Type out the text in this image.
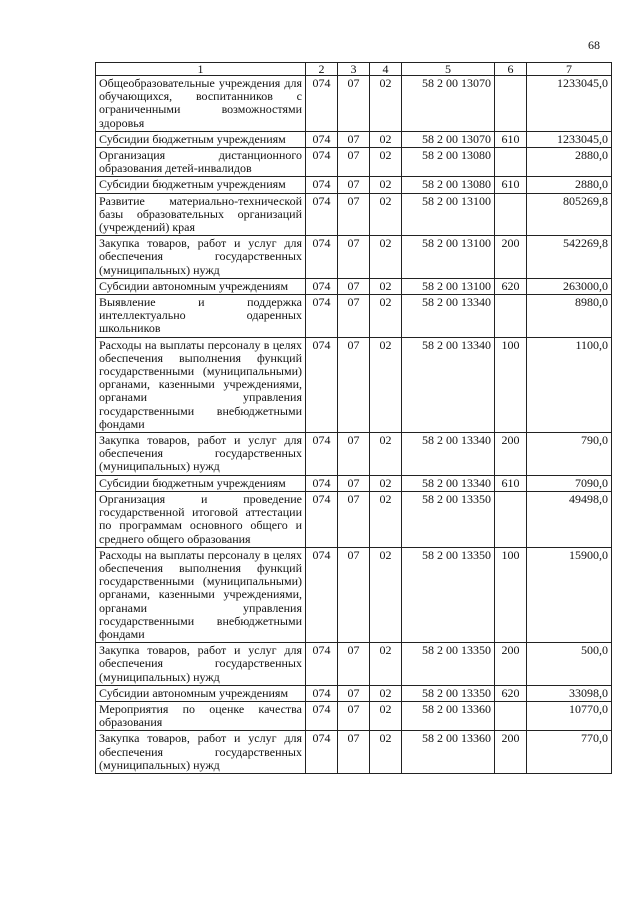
68
1	2	3	4	5	6	7
Общеобразовательные учреждения для обучающихся, воспитанников с ограниченными возможностями здоровья	074	07	02	58 2 00 13070		1233045,0
Субсидии бюджетным учреждениям	074	07	02	58 2 00 13070	610	1233045,0
Организация дистанционного образования детей-инвалидов	074	07	02	58 2 00 13080		2880,0
Субсидии бюджетным учреждениям	074	07	02	58 2 00 13080	610	2880,0
Развитие материально-технической базы образовательных организаций (учреждений) края	074	07	02	58 2 00 13100		805269,8
Закупка товаров, работ и услуг для обеспечения государственных (муниципальных) нужд	074	07	02	58 2 00 13100	200	542269,8
Субсидии автономным учреждениям	074	07	02	58 2 00 13100	620	263000,0
Выявление и поддержка интеллектуально одаренных школьников	074	07	02	58 2 00 13340		8980,0
Расходы на выплаты персоналу в целях обеспечения выполнения функций государственными (муниципальными) органами, казенными учреждениями, органами управления государственными внебюджетными фондами	074	07	02	58 2 00 13340	100	1100,0
Закупка товаров, работ и услуг для обеспечения государственных (муниципальных) нужд	074	07	02	58 2 00 13340	200	790,0
Субсидии бюджетным учреждениям	074	07	02	58 2 00 13340	610	7090,0
Организация и проведение государственной итоговой аттестации по программам основного общего и среднего общего образования	074	07	02	58 2 00 13350		49498,0
Расходы на выплаты персоналу в целях обеспечения выполнения функций государственными (муниципальными) органами, казенными учреждениями, органами управления государственными внебюджетными фондами	074	07	02	58 2 00 13350	100	15900,0
Закупка товаров, работ и услуг для обеспечения государственных (муниципальных) нужд	074	07	02	58 2 00 13350	200	500,0
Субсидии автономным учреждениям	074	07	02	58 2 00 13350	620	33098,0
Мероприятия по оценке качества образования	074	07	02	58 2 00 13360		10770,0
Закупка товаров, работ и услуг для обеспечения государственных (муниципальных) нужд	074	07	02	58 2 00 13360	200	770,0
